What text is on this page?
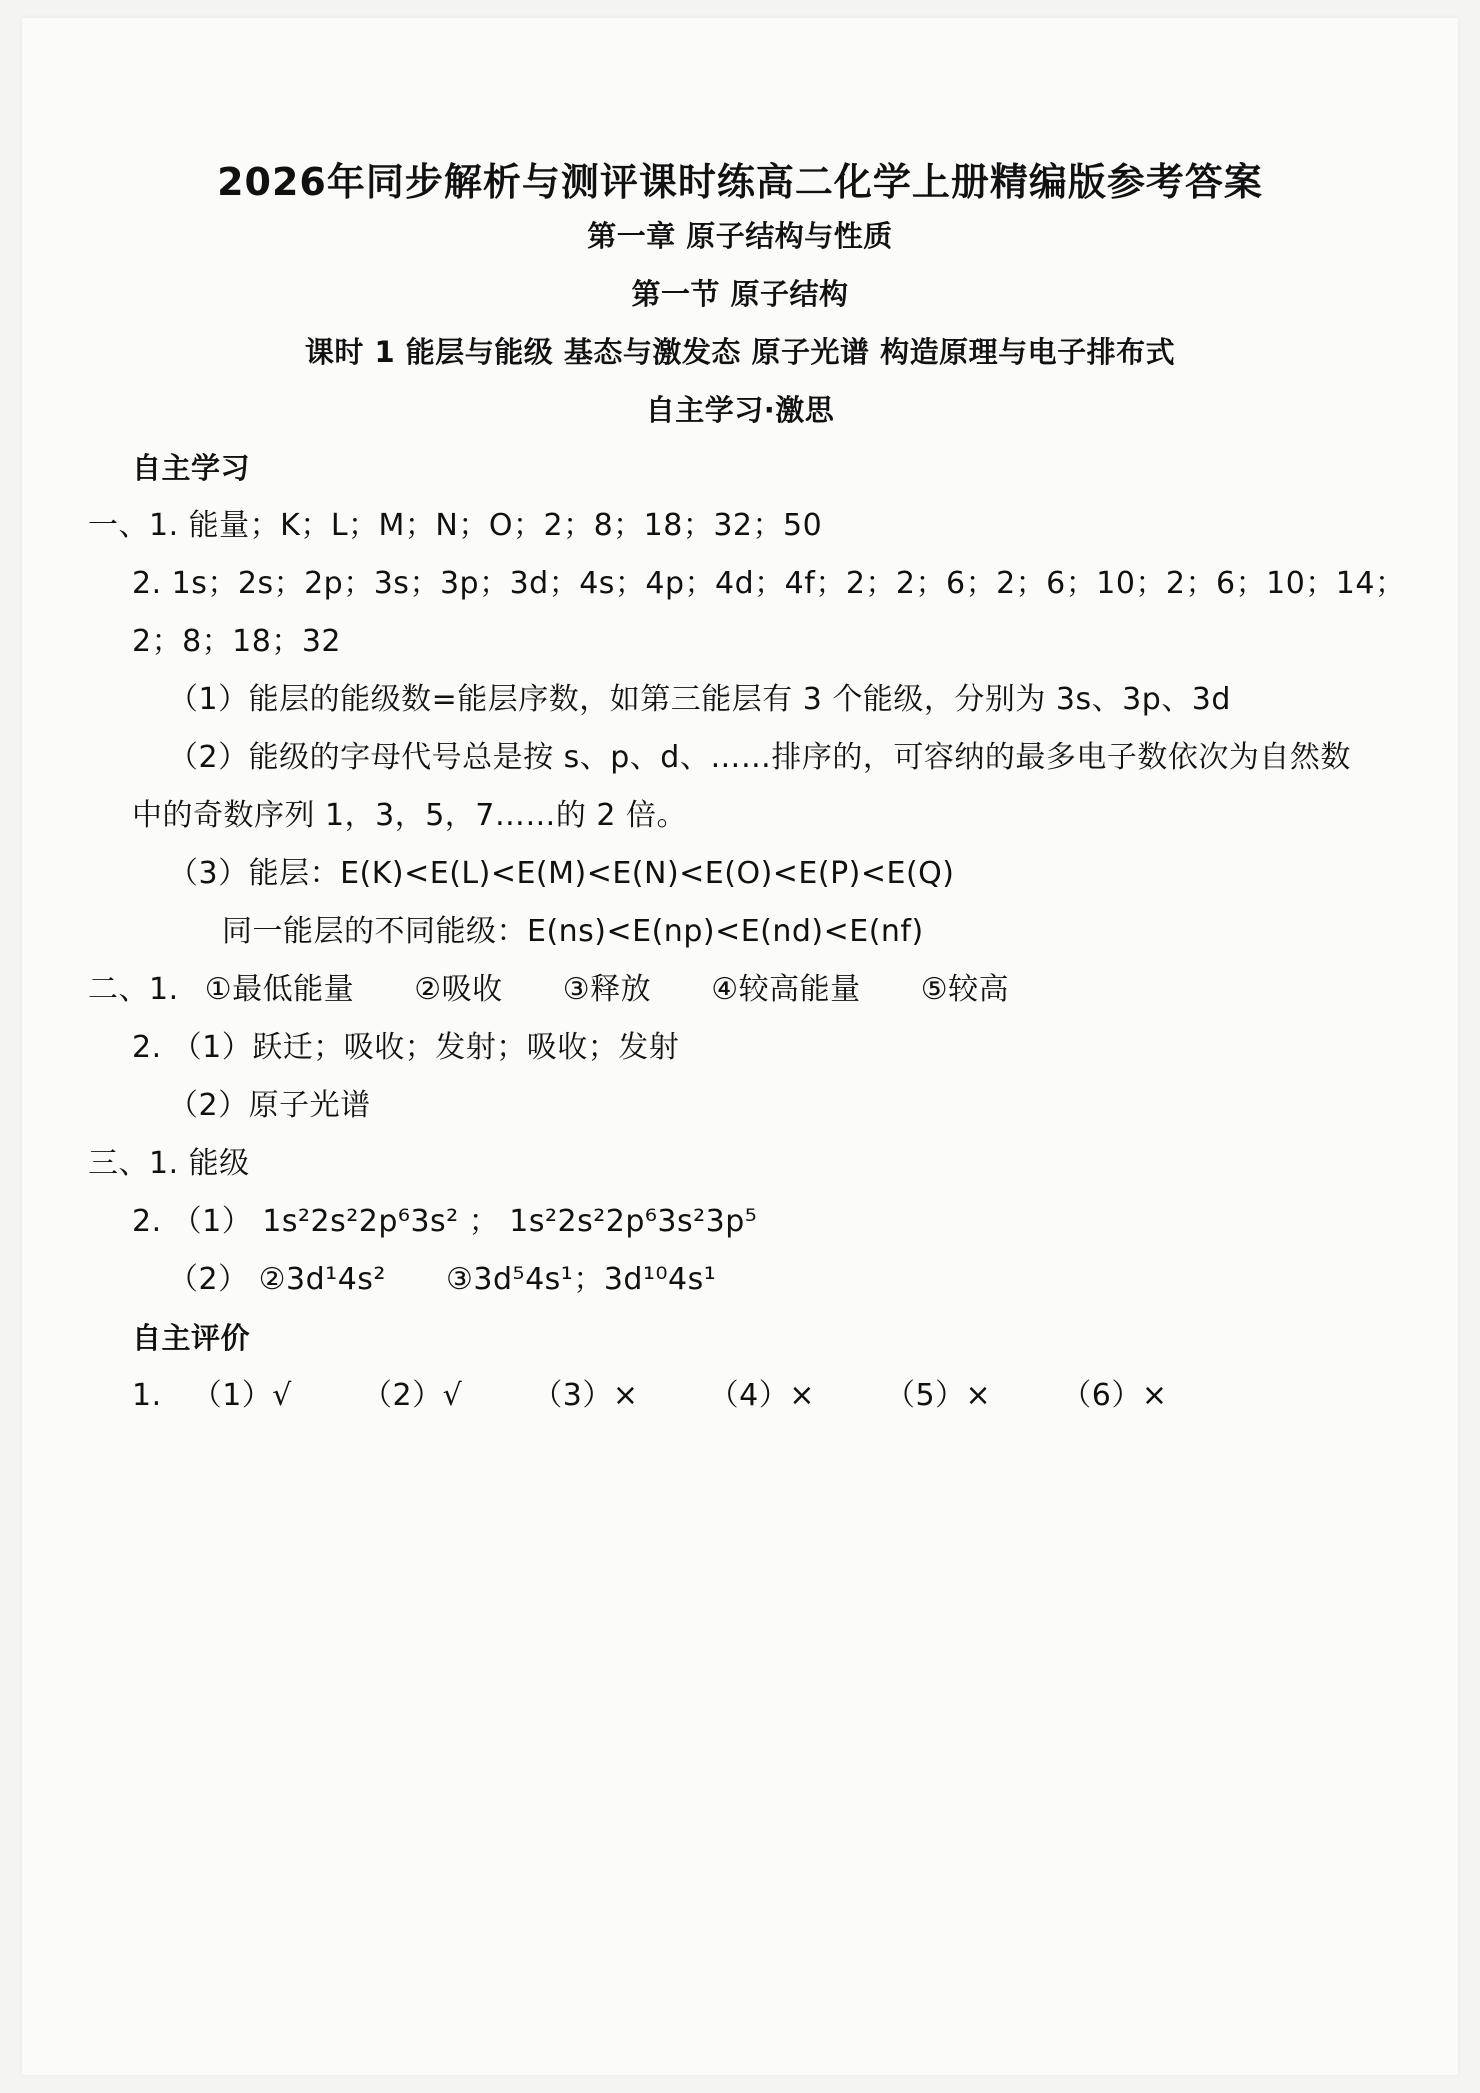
2026年同步解析与测评课时练高二化学上册精编版参考答案
第一章 原子结构与性质
第一节 原子结构
课时 1 能层与能级 基态与激发态 原子光谱 构造原理与电子排布式
自主学习·激思
自主学习
一、1. 能量；K；L；M；N；O；2；8；18；32；50
2. 1s；2s；2p；3s；3p；3d；4s；4p；4d；4f；2；2；6；2；6；10；2；6；10；14；
2；8；18；32
（1）能层的能级数=能层序数，如第三能层有 3 个能级，分别为 3s、3p、3d
（2）能级的字母代号总是按 s、p、d、……排序的，可容纳的最多电子数依次为自然数
中的奇数序列 1，3，5，7……的 2 倍。
（3）能层：E(K)<E(L)<E(M)<E(N)<E(O)<E(P)<E(Q)
同一能层的不同能级：E(ns)<E(np)<E(nd)<E(nf)
二、1. ①最低能量 ②吸收 ③释放 ④较高能量 ⑤较高
2. （1）跃迁；吸收；发射；吸收；发射
（2）原子光谱
三、1. 能级
2. （1） 1s²2s²2p⁶3s² ； 1s²2s²2p⁶3s²3p⁵
（2） ②3d¹4s² ③3d⁵4s¹；3d¹⁰4s¹
自主评价
1. （1）√ （2）√ （3）× （4）× （5）× （6）×
